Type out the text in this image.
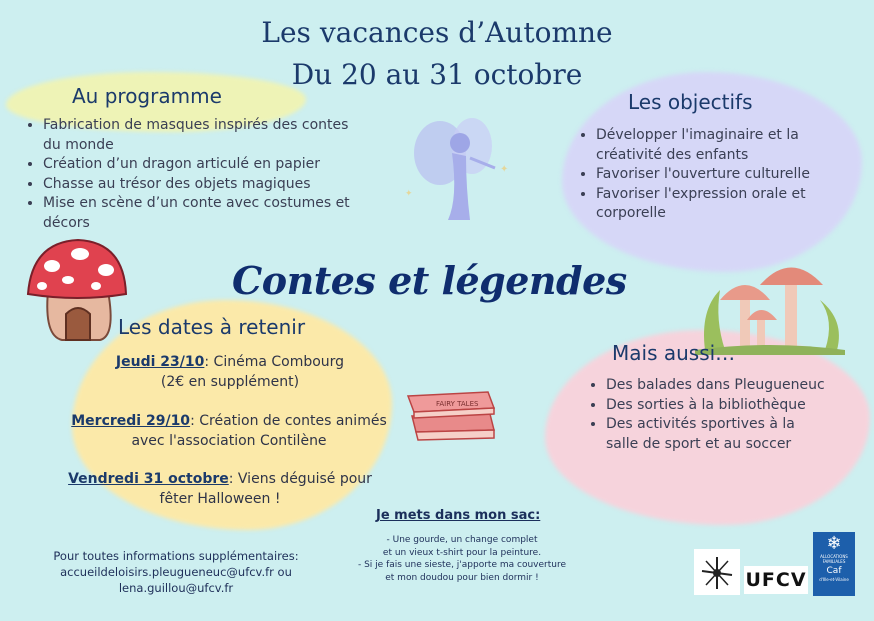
Les vacances d’Automne
Du 20 au 31 octobre
✦
✦
Au programme
• Fabrication de masques inspirés des contes du monde
• Création d’un dragon articulé en papier
• Chasse au trésor des objets magiques
• Mise en scène d’un conte avec costumes et décors
Les objectifs
• Développer l'imaginaire et la créativité des enfants
• Favoriser l'ouverture culturelle
• Favoriser l'expression orale et corporelle
Contes et légendes
Les dates à retenir
Jeudi 23/10: Cinéma Combourg
(2€ en supplément)
Mercredi 29/10: Création de contes animés
avec l'association Contilène
Vendredi 31 octobre: Viens déguisé pour
fêter Halloween !
FAIRY TALES
Mais aussi…
• Des balades dans Pleugueneuc
• Des sorties à la bibliothèque
• Des activités sportives à la salle de sport et au soccer
Je mets dans mon sac:
- Une gourde, un change complet
et un vieux t-shirt pour la peinture.
- Si je fais une sieste, j'apporte ma couverture
et mon doudou pour bien dormir !
Pour toutes informations supplémentaires:
accueildeloisirs.pleugueneuc@ufcv.fr ou
lena.guillou@ufcv.fr	UFCV
❄
ALLOCATIONS FAMILIALES
Caf
d'Ille-et-Vilaine
